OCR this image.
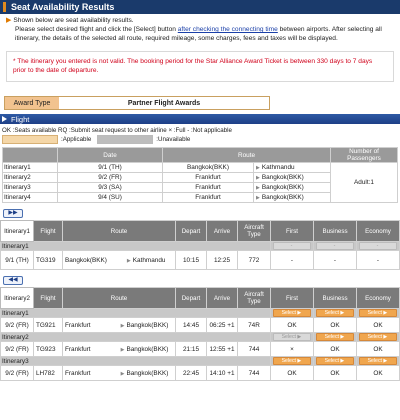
Seat Availability Results
▶ Shown below are seat availability results.
Please select desired flight and click the [Select] button after checking the connecting time between airports. After selecting all itinerary, the details of the selected all route, required mileage, some charges, fees and taxes will be displayed.
* The itinerary you entered is not valid. The booking period for the Star Alliance Award Ticket is between 330 days to 7 days prior to the date of departure.
Award Type	Partner Flight Awards
Flight
OK :Seats available RQ :Submit seat request to other airline × :Full - :Not applicable
:Applicable	:Unavailable
	Date	Route		Number of Passengers
Itinerary1	9/1 (TH)	Bangkok(BKK)	▶ Kathmandu	Adult:1
Itinerary2	9/2 (FR)	Frankfurt	▶ Bangkok(BKK)	
Itinerary3	9/3 (SA)	Frankfurt	▶ Bangkok(BKK)	
Itinerary4	9/4 (SU)	Frankfurt	▶ Bangkok(BKK)	
▶▶
Itinerary1	Flight	Route	Depart	Arrive	Aircraft Type	First	Business	Economy
Itinerary1						-	-	-
9/1 (TH)	TG319	Bangkok(BKK) ▶ Kathmandu	10:15	12:25	772	-	-	-
◀◀
Itinerary2	Flight	Route	Depart	Arrive	Aircraft Type	First	Business	Economy
Itinerary1						Select ▶	Select ▶	Select ▶
9/2 (FR)	TG921	Frankfurt ▶ Bangkok(BKK)	14:45	06:25 +1	74R	OK	OK	OK
Itinerary2						Select ▶	Select ▶	Select ▶
9/2 (FR)	TG923	Frankfurt ▶ Bangkok(BKK)	21:15	12:55 +1	744	×	OK	OK
Itinerary3						Select ▶	Select ▶	Select ▶
9/2 (FR)	LH782	Frankfurt ▶ Bangkok(BKK)	22:45	14:10 +1	744	OK	OK	OK
